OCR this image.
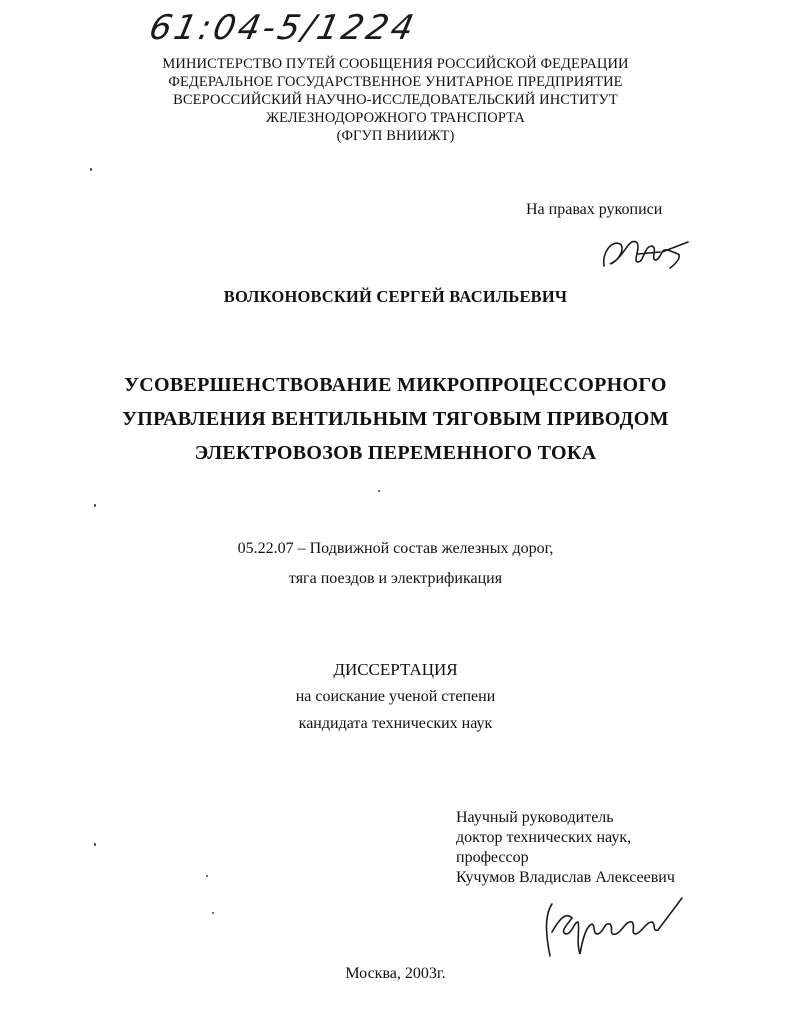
61:04-5/1224
МИНИСТЕРСТВО ПУТЕЙ СООБЩЕНИЯ РОССИЙСКОЙ ФЕДЕРАЦИИ
ФЕДЕРАЛЬНОЕ ГОСУДАРСТВЕННОЕ УНИТАРНОЕ ПРЕДПРИЯТИЕ
ВСЕРОССИЙСКИЙ НАУЧНО-ИССЛЕДОВАТЕЛЬСКИЙ ИНСТИТУТ
ЖЕЛЕЗНОДОРОЖНОГО ТРАНСПОРТА
(ФГУП ВНИИЖТ)
На правах рукописи
ВОЛКОНОВСКИЙ СЕРГЕЙ ВАСИЛЬЕВИЧ
УСОВЕРШЕНСТВОВАНИЕ МИКРОПРОЦЕССОРНОГО
УПРАВЛЕНИЯ ВЕНТИЛЬНЫМ ТЯГОВЫМ ПРИВОДОМ
ЭЛЕКТРОВОЗОВ ПЕРЕМЕННОГО ТОКА
05.22.07 – Подвижной состав железных дорог,
тяга поездов и электрификация
ДИССЕРТАЦИЯ
на соискание ученой степени
кандидата технических наук
Научный руководитель
доктор технических наук,
профессор
Кучумов Владислав Алексеевич
Москва, 2003г.
